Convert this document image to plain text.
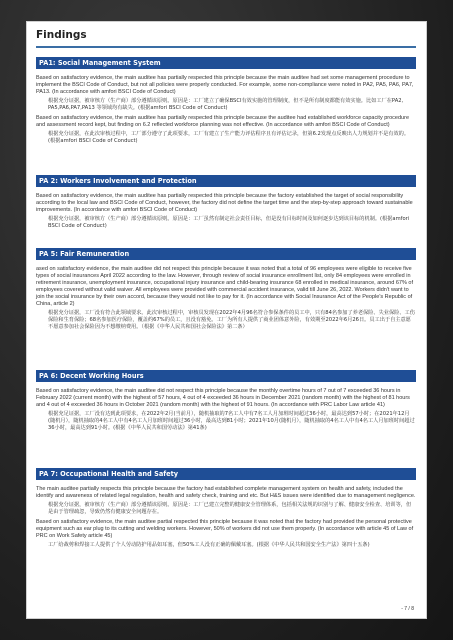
Findings
PA1: Social Management System

Based on satisfactory evidence, the main auditee has partially respected this principle because the main auditee had set some management procedure to implement the BSCI Code of Conduct, but not all policies were properly conducted. For example, some non-compliance were noted in PA2, PA5, PA6, PA7, PA13. (In accordance with amfori BSCI Code of Conduct)

根据充分证据，被审核方（生产商）部分遵循该原则。原因是：工厂建立了确保BSCI有效实施的管理制度，但不是所有制度都能有效实施。比如工厂在PA2, PA5,PA6,PA7,PA13 等领域均有缺失。(根据amfori BSCI Code of Conduct)

Based on satisfactory evidence, the main auditee has partially respected this principle because the auditee had established workforce capacity procedure and assessment record kept, but finding on 6.2 reflected workforce planning was not effective. (In accordance with amfori BSCI Code of Conduct)

根据充分证据，在此次审核过程中，工厂部分遵守了此项要求，工厂有建立了生产能力评估程序且有评估记录，但第6.2发现点反映出人力规划并不是有效的。(根据amfori BSCI Code of Conduct)

PA 2: Workers Involvement and Protection

Based on satisfactory evidence, the main auditee has partially respected this principle because the factory established the target of social responsibility according to the local law and BSCI Code of Conduct, however, the factory did not define the target time and the step-by-step approach toward sustainable improvements. (In accordance with amfori BSCI Code of Conduct)

根据充分证据，被审核方（生产商）部分遵循该原则。原因是：工厂虽然有制定社会责任目标，但是没有目标时间及如何逐步达到该目标的机制。(根据amfori BSCI Code of Conduct)

PA 5: Fair Remuneration

ased on satisfactory evidence, the main auditee did not respect this principle because it was noted that a total of 96 employees were eligible to receive five types of social insurances April 2022 according to the law. However, through review of social insurance enrollment list, only 84 employees were enrolled in retirement insurance, unemployment insurance, occupational injury insurance and child-bearing insurance 68 enrolled in medical insurance, around 67% of employees covered without valid waiver. All employees were provided with commercial accident insurance, valid till June 26, 2022. Workers didn't want to join the social insurance by their own accord, because they would not like to pay for it. (In accordance with Social Insurance Act of the People's Republic of China, article 2)

根据充分证据，工厂没有符合此领域要求。此次审核过程中，审核员发现在2022年4月96名符合参保条件的员工中，只有84名参加了养老保险、失业保险、工伤保险和生育保险；68名参加医疗保险，覆盖约67%的员工，且没有豁免。工厂为所有人提供了商业团体意外险，有效期至2022年6月26日。员工出于自主意愿不愿意参加社会保险因为不想缴纳费用。（根据《中华人民共和国社会保险法》第二条）

PA 6: Decent Working Hours

Based on satisfactory evidence, the main auditee did not respect this principle because the monthly overtime hours of 7 out of 7 exceeded 36 hours in February 2022 (current month) with the highest of 57 hours, 4 out of 4 exceeded 36 hours in December 2021 (random month) with the highest of 81 hours and 4 out of 4 exceeded 36 hours in October 2021 (random month) with the highest of 91 hours. (In accordance with PRC Labor Law article 41)

根据充足证据，工厂没有达到此项要求，在2022年2月(当前月），随机抽取的7名工人中有7名工人月加班时间超过36小时，最高达到57小时；在2021年12月(随机月），随机抽取的4名工人中有4名工人月加班时间超过36小时，最高达到81小时；2021年10月(随机月），随机抽取的4名工人中有4名工人月加班时间超过36小时，最高达到91小时。(根据《中华人民共和国劳动法》第41条)

PA 7: Occupational Health and Safety

The main auditee partially respects this principle because the factory had established complete management system on health and safety, included the identify and awareness of related legal regulation, health and safety check, training and etc. But H&S issues were identified due to management negligence.

根据充分证据，被审核方（生产商）部分遵循该原则。原因是：工厂已建立完整的健康安全管理体系，包括相关法规的识别与了解、健康安全检查、培训等，但是由于管理疏忽，导致仍然有健康安全问题存在。

Based on satisfactory evidence, the main auditee partial respected this principle because it was noted that the factory had provided the personal protective equipment such as ear plug to its cutting and welding workers. However, 50% of workers did not use them properly. (In accordance with article 45 of Law of PRC on Work Safety article 45)

工厂给裁剪和焊接工人提供了个人劳动防护用品如耳塞，但50%工人没有正确的佩戴耳塞。(根据《中华人民共和国安全生产法》第四十五条)

- 7 / 8
